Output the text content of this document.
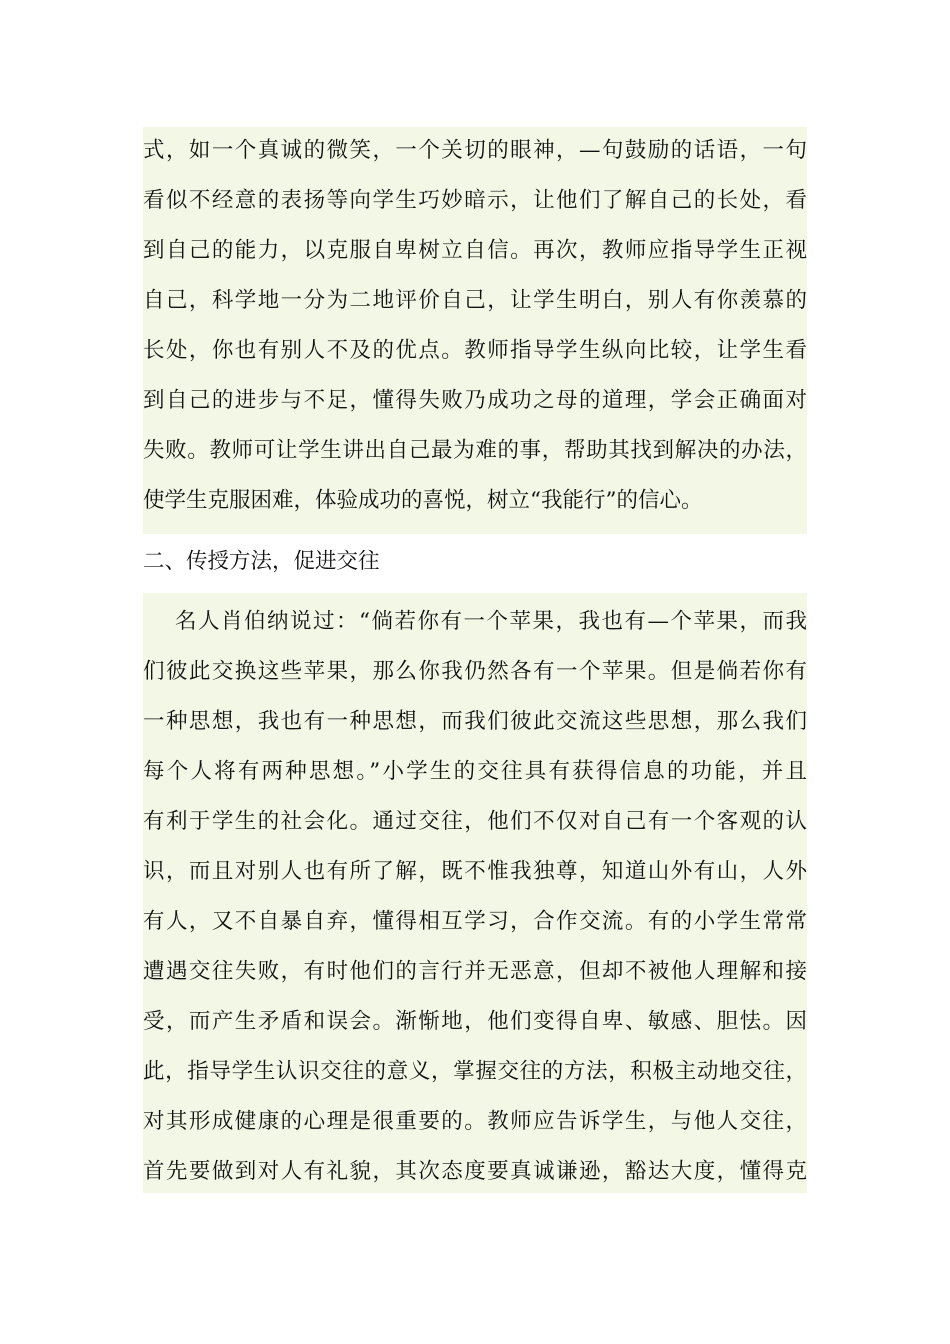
式，如一个真诚的微笑，一个关切的眼神，—句鼓励的话语，一句
看似不经意的表扬等向学生巧妙暗示，让他们了解自己的长处，看
到自己的能力，以克服自卑树立自信。再次，教师应指导学生正视
自己，科学地一分为二地评价自己，让学生明白，别人有你羡慕的
长处，你也有别人不及的优点。教师指导学生纵向比较，让学生看
到自己的进步与不足，懂得失败乃成功之母的道理，学会正确面对
失败。教师可让学生讲出自己最为难的事，帮助其找到解决的办法，
使学生克服困难，体验成功的喜悦，树立“我能行”的信心。
二、传授方法，促进交往
名人肖伯纳说过：“倘若你有一个苹果，我也有—个苹果，而我
们彼此交换这些苹果，那么你我仍然各有一个苹果。但是倘若你有
一种思想，我也有一种思想，而我们彼此交流这些思想，那么我们
每个人将有两种思想。”小学生的交往具有获得信息的功能，并且
有利于学生的社会化。通过交往，他们不仅对自己有一个客观的认
识，而且对别人也有所了解，既不惟我独尊，知道山外有山，人外
有人，又不自暴自弃，懂得相互学习，合作交流。有的小学生常常
遭遇交往失败，有时他们的言行并无恶意，但却不被他人理解和接
受，而产生矛盾和误会。渐惭地，他们变得自卑、敏感、胆怯。因
此，指导学生认识交往的意义，掌握交往的方法，积极主动地交往，
对其形成健康的心理是很重要的。教师应告诉学生，与他人交往，
首先要做到对人有礼貌，其次态度要真诚谦逊，豁达大度，懂得克
